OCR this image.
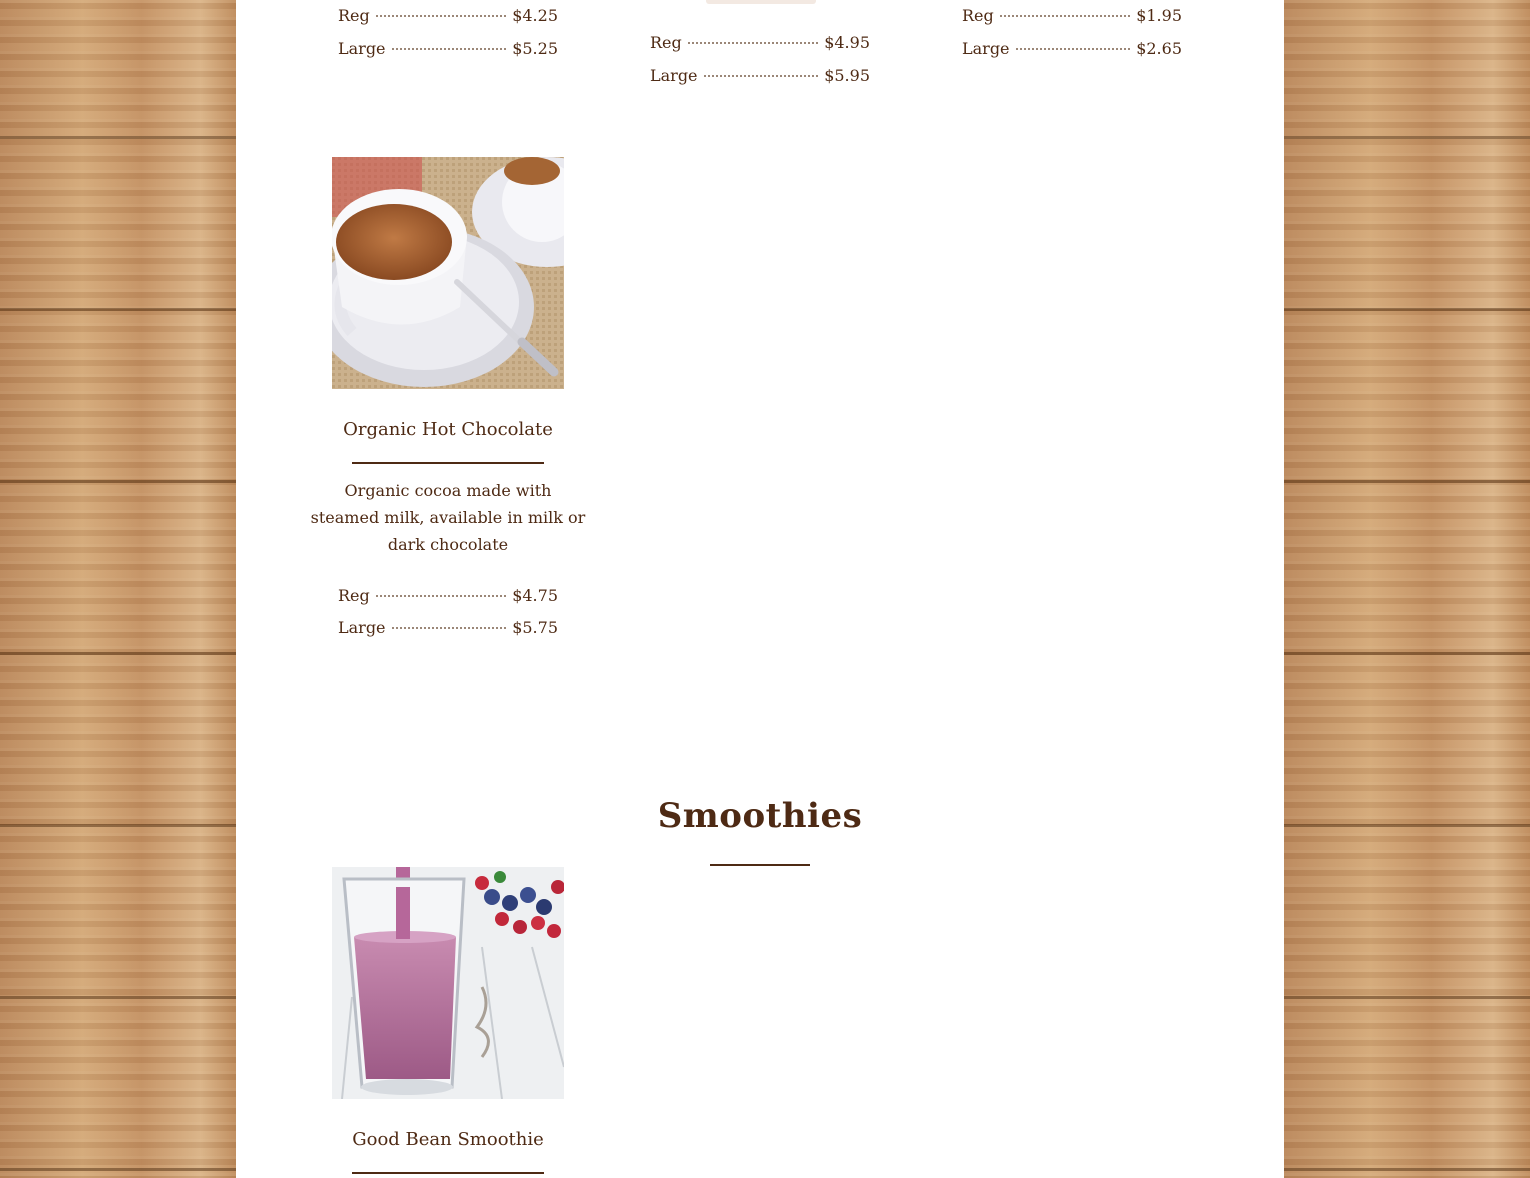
Reg	$4.25
Large	$5.25	Reg	$4.95
Large	$5.95
Reg	$1.95
Large	$2.65
Organic Hot Chocolate
Organic cocoa made with steamed milk, available in milk or dark chocolate
Reg	$4.75
Large	$5.75
Smoothies
Good Bean Smoothie
